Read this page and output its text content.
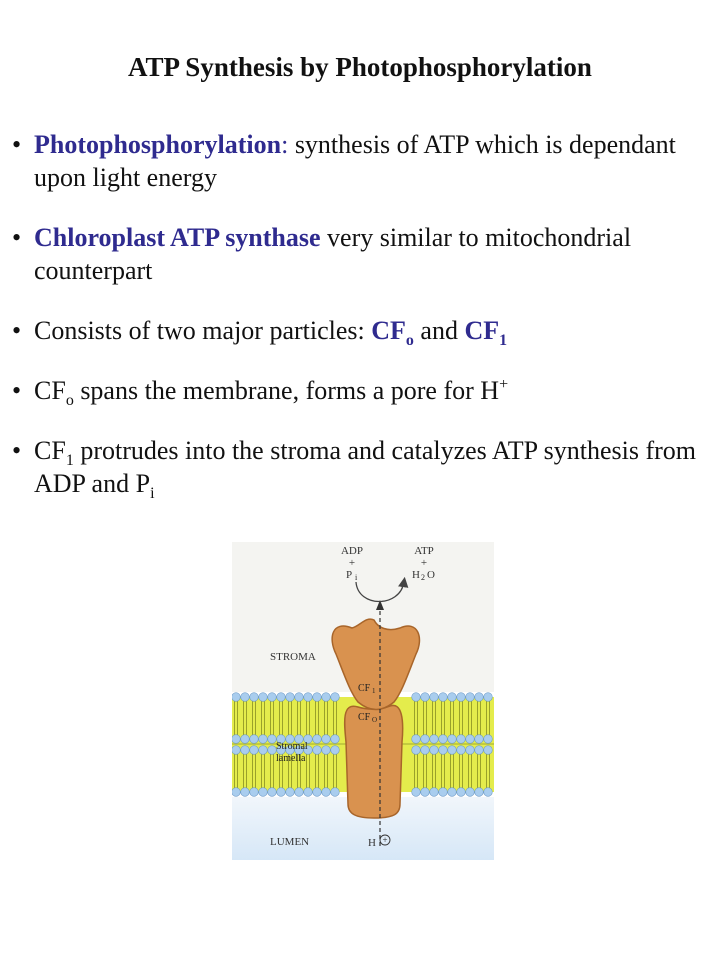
ATP Synthesis by Photophosphorylation
• Photophosphorylation: synthesis of ATP which is dependant upon light energy
• Chloroplast ATP synthase very similar to mitochondrial counterpart
• Consists of two major particles: $CF_o$ and $CF_1$
• $CF_o$ spans the membrane, forms a pore for H+
• $CF_1$ protrudes into the stroma and catalyzes ATP synthesis from ADP and $P_i$
ADP
+
P i
ATP
+
H 2 O
STROMA
CF 1
CF O
Stromal
lamella
LUMEN	H +
